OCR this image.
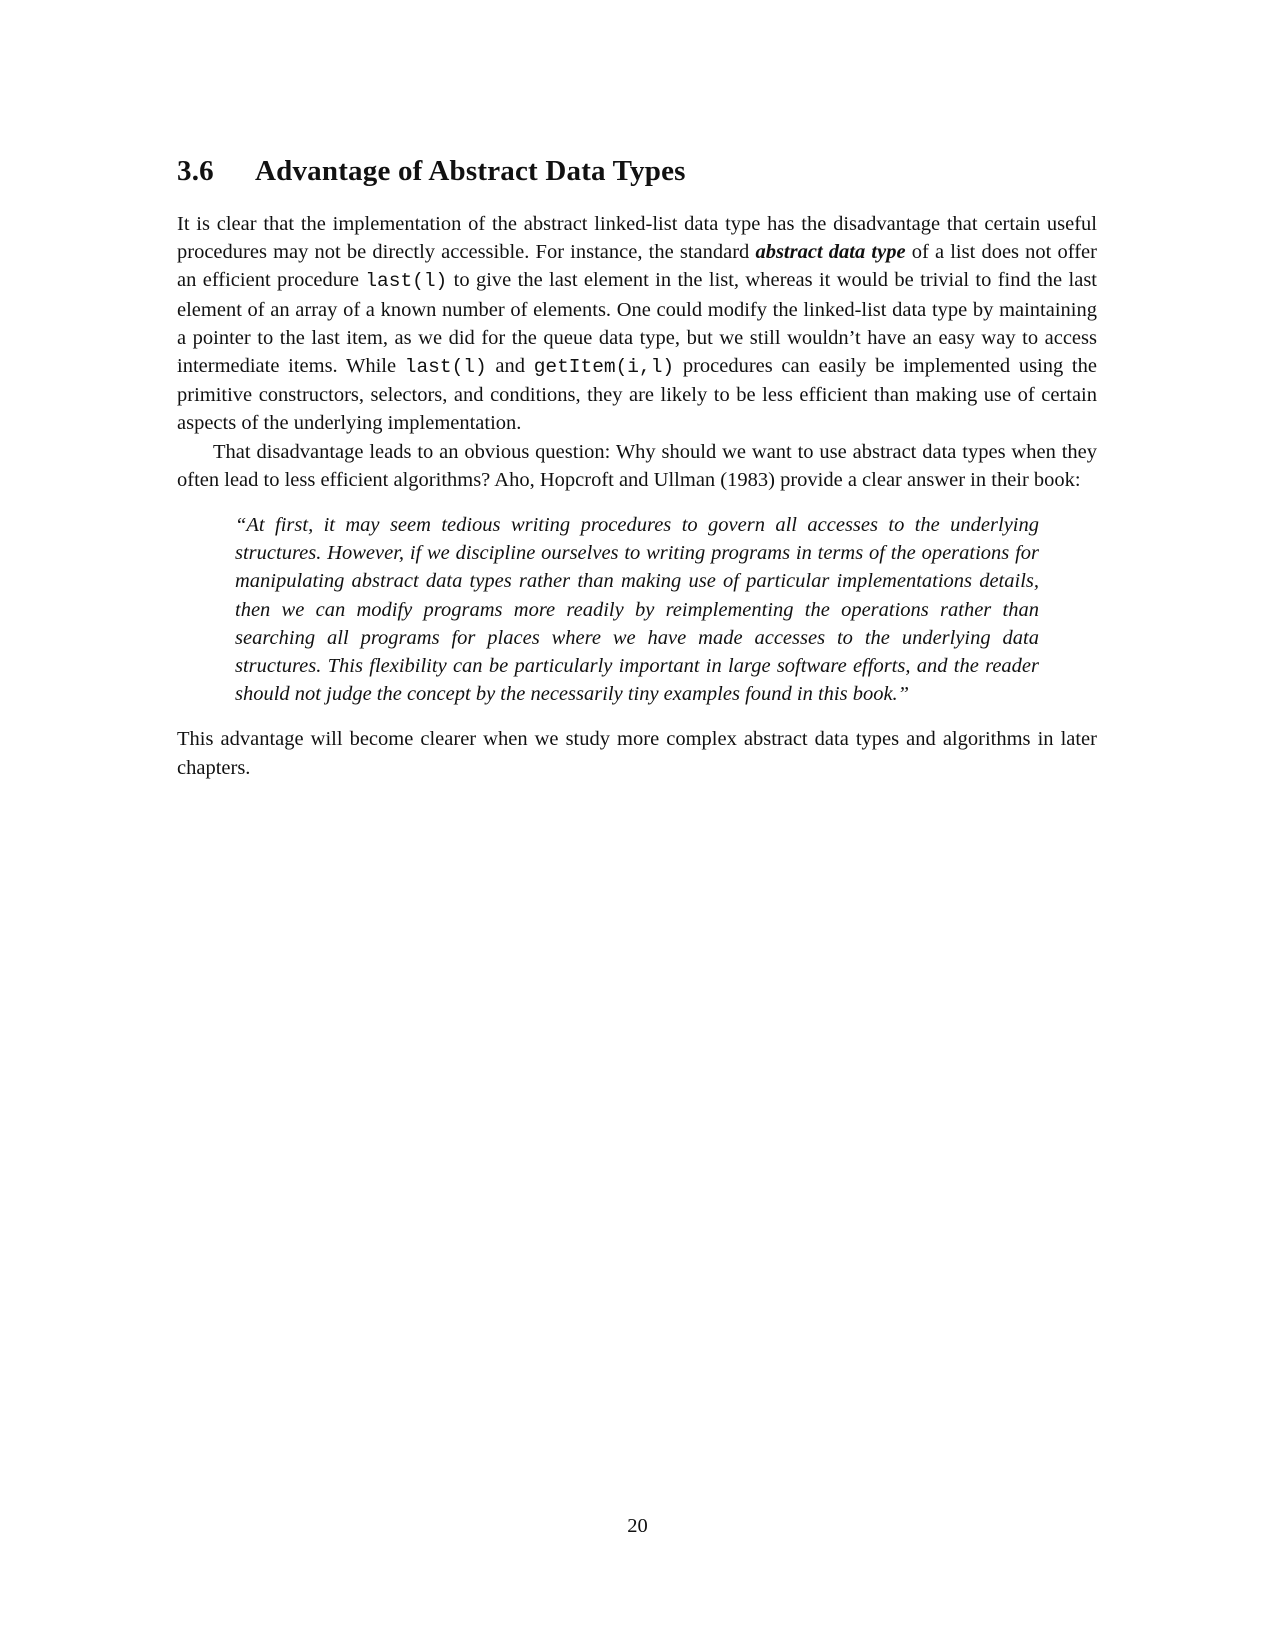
3.6	Advantage of Abstract Data Types

It is clear that the implementation of the abstract linked-list data type has the disadvantage that certain useful procedures may not be directly accessible. For instance, the standard abstract data type of a list does not offer an efficient procedure last(l) to give the last element in the list, whereas it would be trivial to find the last element of an array of a known number of elements. One could modify the linked-list data type by maintaining a pointer to the last item, as we did for the queue data type, but we still wouldn’t have an easy way to access intermediate items. While last(l) and getItem(i,l) procedures can easily be implemented using the primitive constructors, selectors, and conditions, they are likely to be less efficient than making use of certain aspects of the underlying implementation.

That disadvantage leads to an obvious question: Why should we want to use abstract data types when they often lead to less efficient algorithms? Aho, Hopcroft and Ullman (1983) provide a clear answer in their book:

“At first, it may seem tedious writing procedures to govern all accesses to the underlying structures. However, if we discipline ourselves to writing programs in terms of the operations for manipulating abstract data types rather than making use of particular implementations details, then we can modify programs more readily by reimplementing the operations rather than searching all programs for places where we have made accesses to the underlying data structures. This flexibility can be particularly important in large software efforts, and the reader should not judge the concept by the necessarily tiny examples found in this book.”

This advantage will become clearer when we study more complex abstract data types and algorithms in later chapters.

20
